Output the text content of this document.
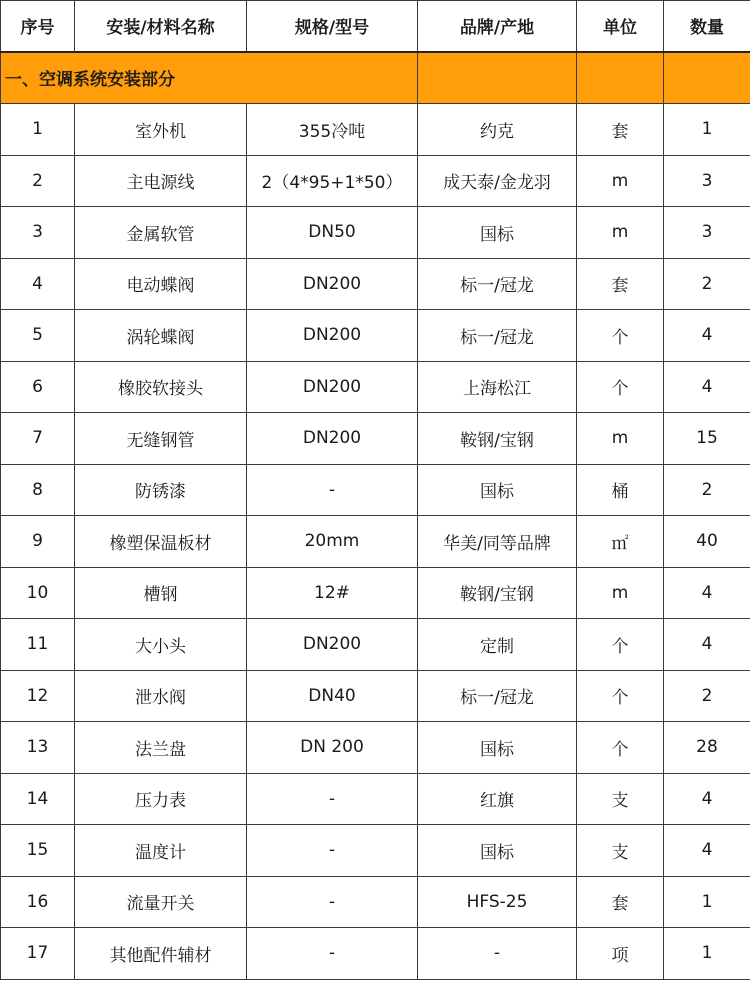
序号	安装/材料名称	规格/型号	品牌/产地	单位	数量
一、空调系统安装部分					
1	室外机	355冷吨	约克	套	1
2	主电源线	2（4*95+1*50）	成天泰/金龙羽	m	3
3	金属软管	DN50	国标	m	3
4	电动蝶阀	DN200	标一/冠龙	套	2
5	涡轮蝶阀	DN200	标一/冠龙	个	4
6	橡胶软接头	DN200	上海松江	个	4
7	无缝钢管	DN200	鞍钢/宝钢	m	15
8	防锈漆	-	国标	桶	2
9	橡塑保温板材	20mm	华美/同等品牌	㎡	40
10	槽钢	12#	鞍钢/宝钢	m	4
11	大小头	DN200	定制	个	4
12	泄水阀	DN40	标一/冠龙	个	2
13	法兰盘	DN 200	国标	个	28
14	压力表	-	红旗	支	4
15	温度计	-	国标	支	4
16	流量开关	-	HFS-25	套	1
17	其他配件辅材	-	-	项	1
